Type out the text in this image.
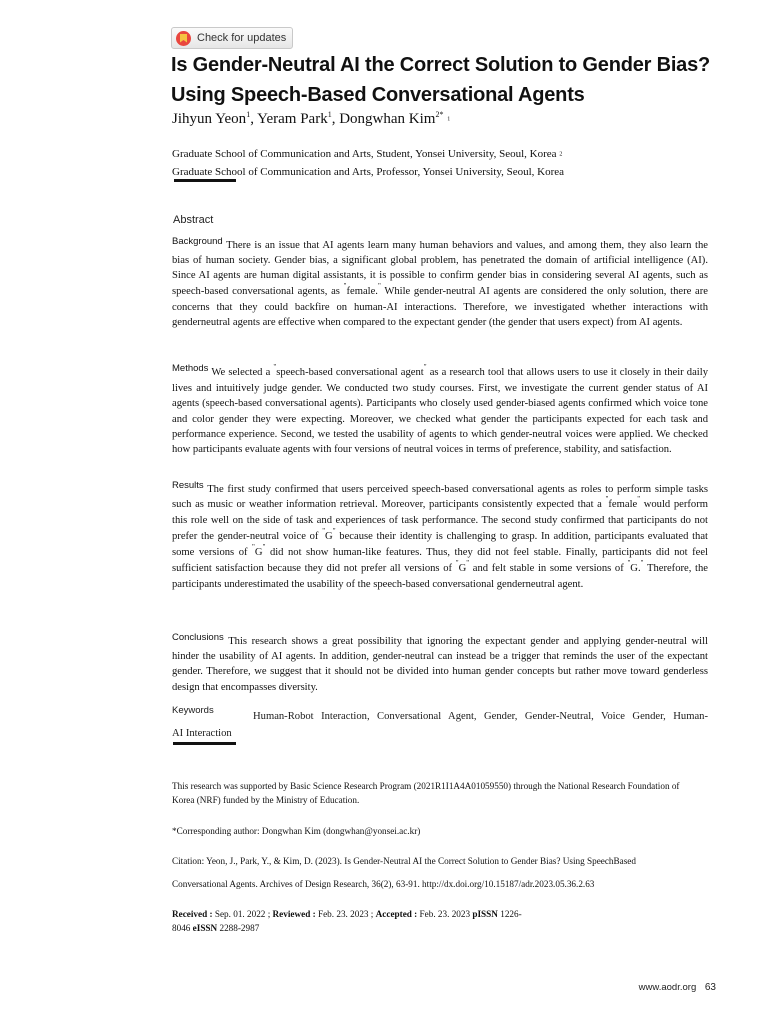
Check for updates
Is Gender-Neutral AI the Correct Solution to Gender Bias? Using Speech-Based Conversational Agents
Jihyun Yeon$^1$, Yeram Park$^1$, Dongwhan Kim$^{2*}$ 1
Graduate School of Communication and Arts, Student, Yonsei University, Seoul, Korea 2
Graduate School of Communication and Arts, Professor, Yonsei University, Seoul, Korea
Abstract
Background There is an issue that AI agents learn many human behaviors and values, and among them, they also learn the bias of human society. Gender bias, a significant global problem, has penetrated the domain of artificial intelligence (AI). Since AI agents are human digital assistants, it is possible to confirm gender bias in considering several AI agents, such as speech-based conversational agents, as "female." While gender-neutral AI agents are considered the only solution, there are concerns that they could backfire on human-AI interactions. Therefore, we investigated whether interactions with genderneutral agents are effective when compared to the expectant gender (the gender that users expect) from AI agents.
Methods We selected a "speech-based conversational agent" as a research tool that allows users to use it closely in their daily lives and intuitively judge gender. We conducted two study courses. First, we investigate the current gender status of AI agents (speech-based conversational agents). Participants who closely used gender-biased agents confirmed which voice tone and color gender they were expecting. Moreover, we checked what gender the participants expected for each task and performance experience. Second, we tested the usability of agents to which gender-neutral voices were applied. We checked how participants evaluate agents with four versions of neutral voices in terms of preference, stability, and satisfaction.
Results The first study confirmed that users perceived speech-based conversational agents as roles to perform simple tasks such as music or weather information retrieval. Moreover, participants consistently expected that a "female" would perform this role well on the side of task and experiences of task performance. The second study confirmed that participants do not prefer the gender-neutral voice of "G" because their identity is challenging to grasp. In addition, participants evaluated that some versions of "G" did not show human-like features. Thus, they did not feel stable. Finally, participants did not feel sufficient satisfaction because they did not prefer all versions of "G" and felt stable in some versions of "G." Therefore, the participants underestimated the usability of the speech-based conversational genderneutral agent.
Conclusions This research shows a great possibility that ignoring the expectant gender and applying gender-neutral will hinder the usability of AI agents. In addition, gender-neutral can instead be a trigger that reminds the user of the expectant gender. Therefore, we suggest that it should not be divided into human gender concepts but rather move toward genderless design that encompasses diversity.
Keywords
Human-Robot Interaction, Conversational Agent, Gender, Gender-Neutral, Voice Gender, Human-
AI Interaction
This research was supported by Basic Science Research Program (2021R1I1A4A01059550) through the National Research Foundation of Korea (NRF) funded by the Ministry of Education.
*Corresponding author: Dongwhan Kim (dongwhan@yonsei.ac.kr)
Citation: Yeon, J., Park, Y., & Kim, D. (2023). Is Gender-Neutral AI the Correct Solution to Gender Bias? Using SpeechBased
Conversational Agents. Archives of Design Research, 36(2), 63-91. http://dx.doi.org/10.15187/adr.2023.05.36.2.63
Received : Sep. 01. 2022 ; Reviewed : Feb. 23. 2023 ; Accepted : Feb. 23. 2023 pISSN 1226-
8046 eISSN 2288-2987
www.aodr.org 63
